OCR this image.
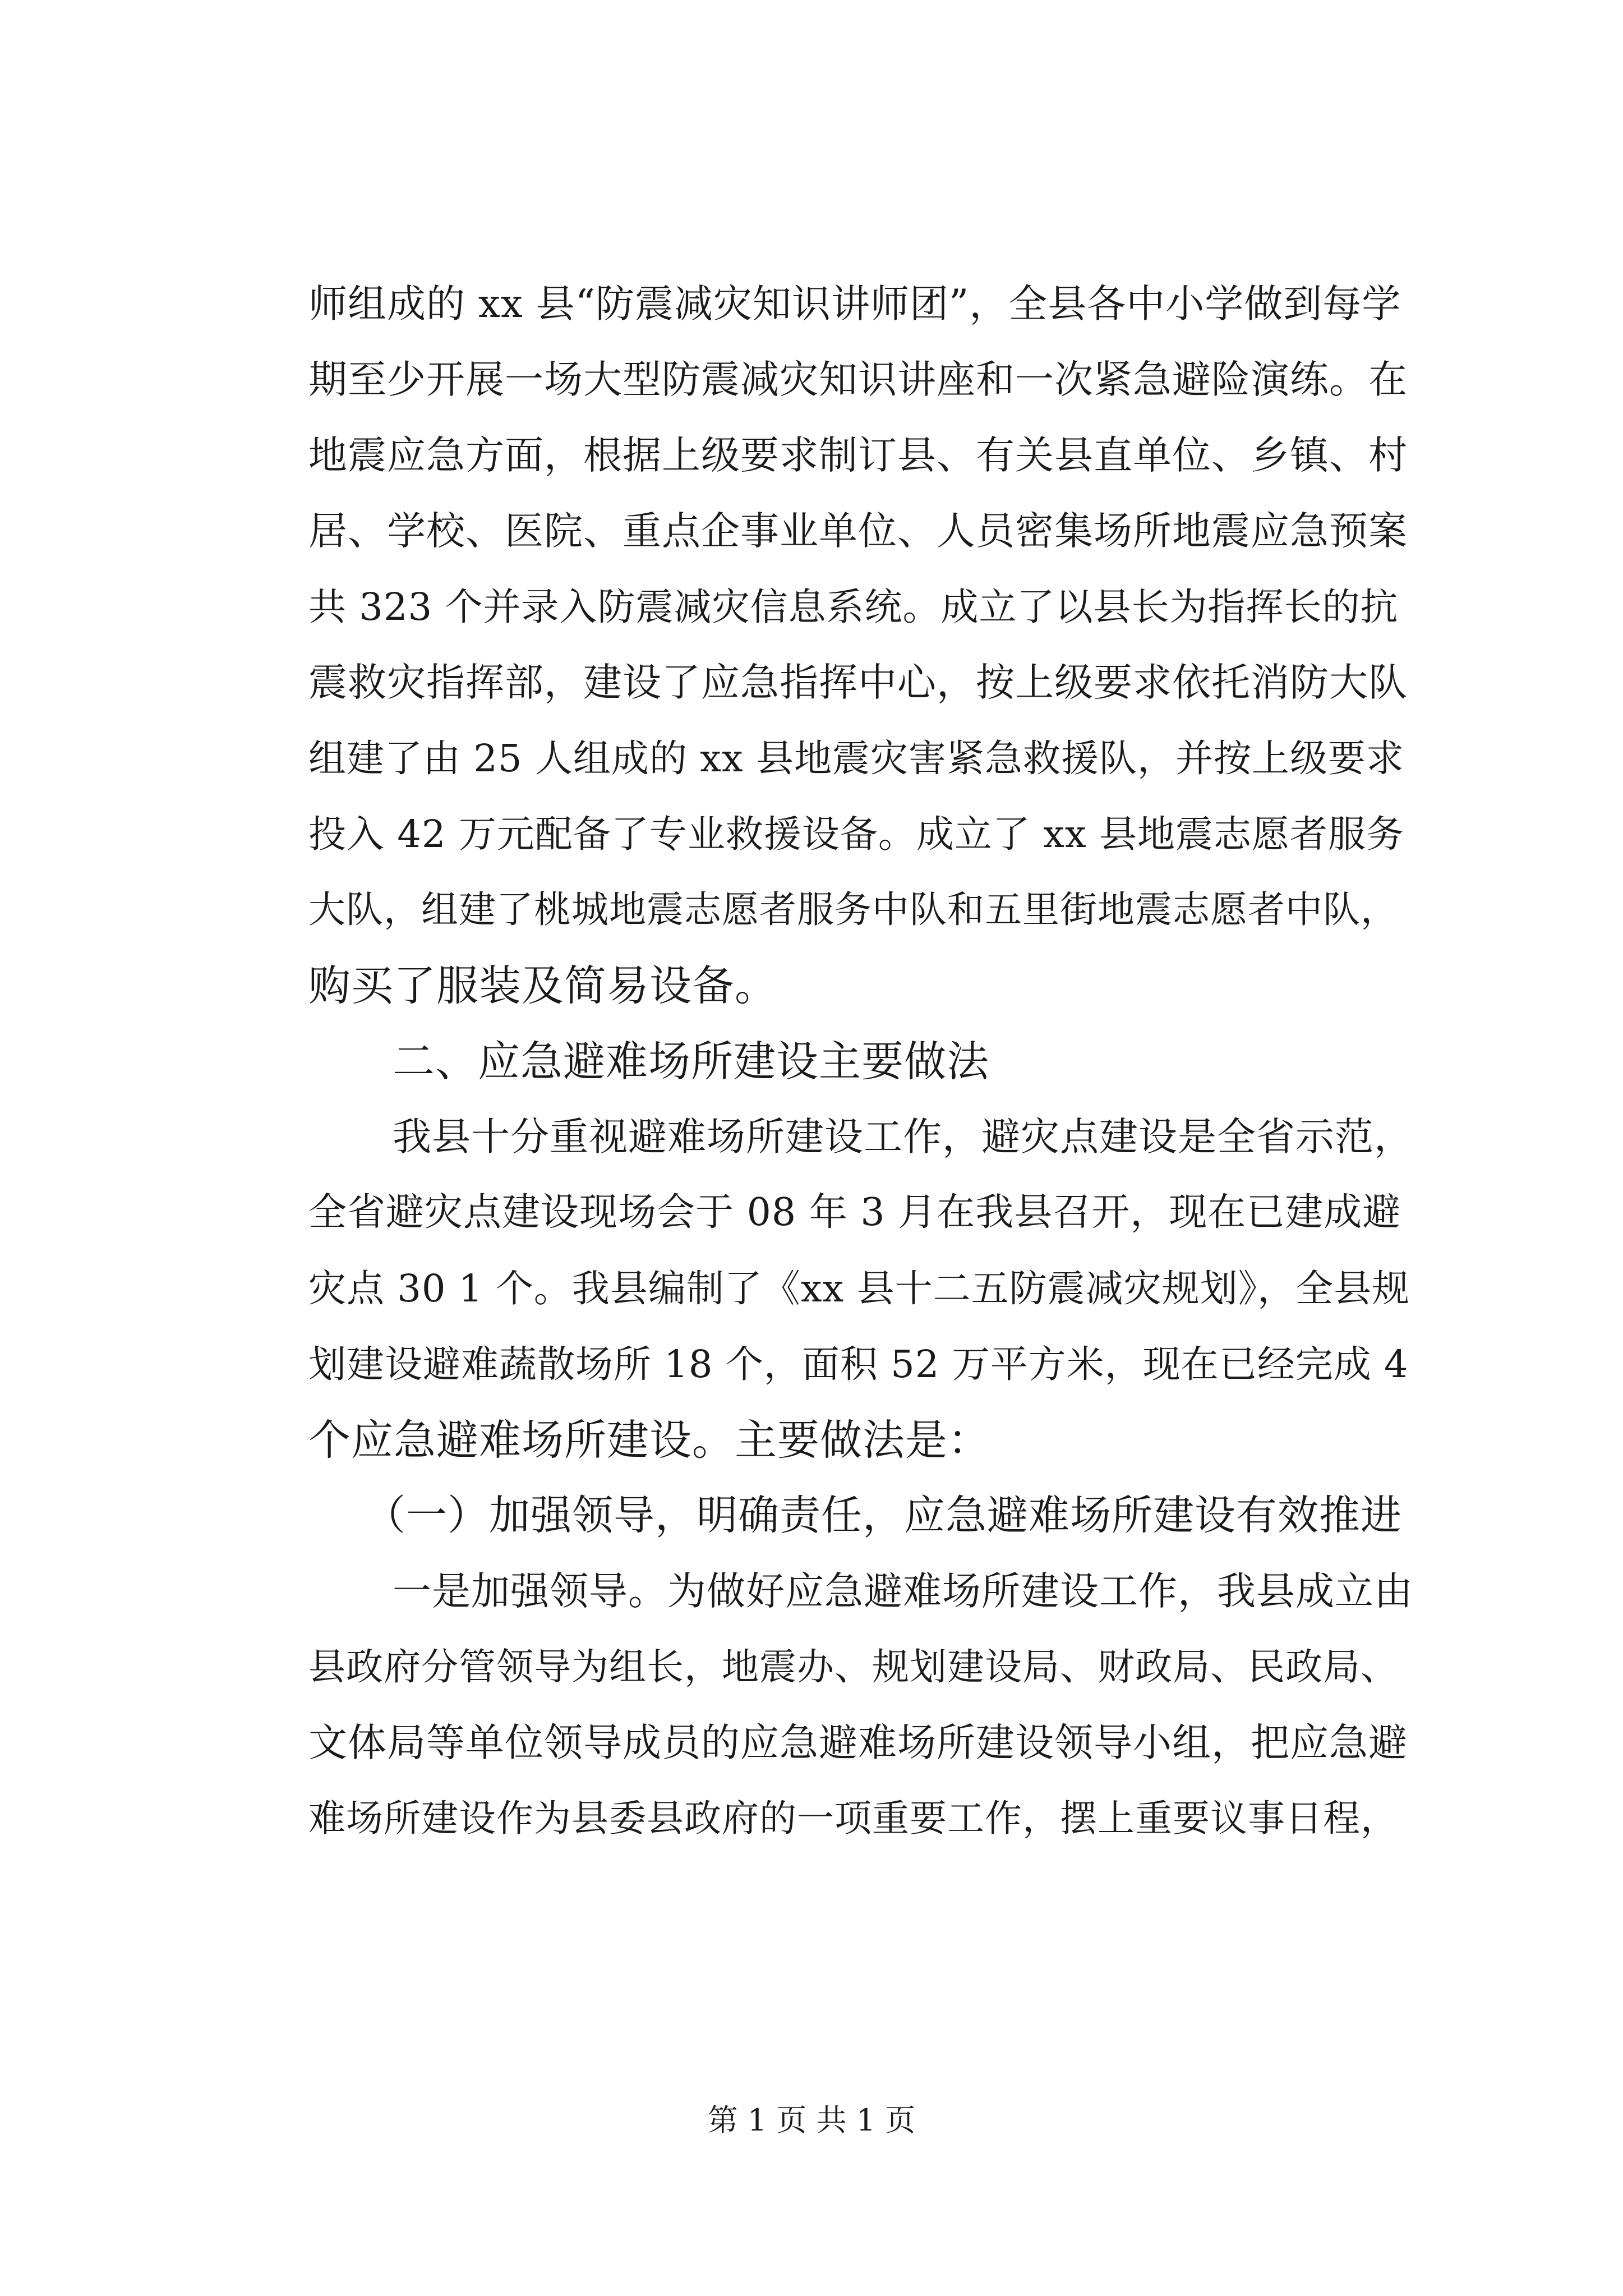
师组成的 xx 县“防震减灾知识讲师团”，全县各中小学做到每学
期至少开展一场大型防震减灾知识讲座和一次紧急避险演练。在
地震应急方面，根据上级要求制订县、有关县直单位、乡镇、村
居、学校、医院、重点企事业单位、人员密集场所地震应急预案
共 323 个并录入防震减灾信息系统。成立了以县长为指挥长的抗
震救灾指挥部，建设了应急指挥中心，按上级要求依托消防大队
组建了由 25 人组成的 xx 县地震灾害紧急救援队，并按上级要求
投入 42 万元配备了专业救援设备。成立了 xx 县地震志愿者服务
大队，组建了桃城地震志愿者服务中队和五里街地震志愿者中队，
购买了服装及简易设备。
二、应急避难场所建设主要做法
我县十分重视避难场所建设工作，避灾点建设是全省示范，
全省避灾点建设现场会于 08 年 3 月在我县召开，现在已建成避
灾点 30 1 个。我县编制了《xx 县十二五防震减灾规划》，全县规
划建设避难蔬散场所 18 个，面积 52 万平方米，现在已经完成 4
个应急避难场所建设。主要做法是：
（一）加强领导，明确责任，应急避难场所建设有效推进
一是加强领导。为做好应急避难场所建设工作，我县成立由
县政府分管领导为组长，地震办、规划建设局、财政局、民政局、
文体局等单位领导成员的应急避难场所建设领导小组，把应急避
难场所建设作为县委县政府的一项重要工作，摆上重要议事日程，
第 1 页 共 1 页
